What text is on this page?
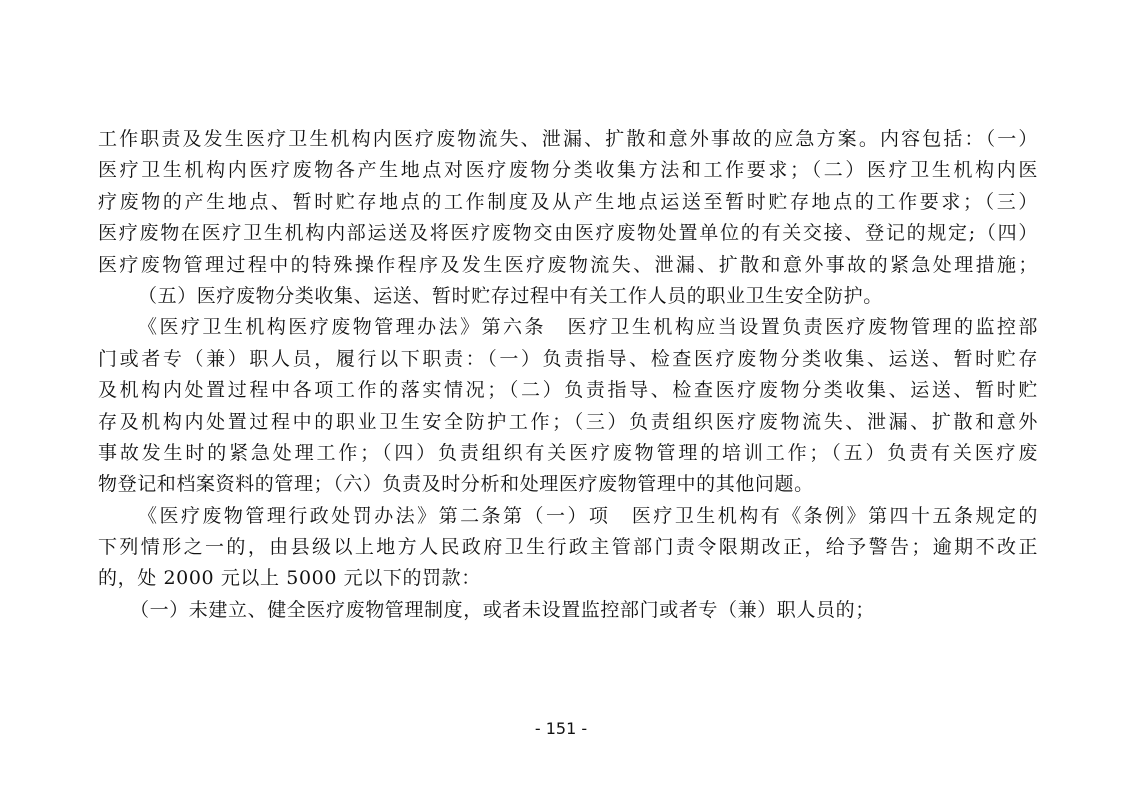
工作职责及发生医疗卫生机构内医疗废物流失、泄漏、扩散和意外事故的应急方案。内容包括：（一）
医疗卫生机构内医疗废物各产生地点对医疗废物分类收集方法和工作要求；（二）医疗卫生机构内医
疗废物的产生地点、暂时贮存地点的工作制度及从产生地点运送至暂时贮存地点的工作要求；（三）
医疗废物在医疗卫生机构内部运送及将医疗废物交由医疗废物处置单位的有关交接、登记的规定;（四）
医疗废物管理过程中的特殊操作程序及发生医疗废物流失、泄漏、扩散和意外事故的紧急处理措施；
（五）医疗废物分类收集、运送、暂时贮存过程中有关工作人员的职业卫生安全防护。
《医疗卫生机构医疗废物管理办法》第六条　医疗卫生机构应当设置负责医疗废物管理的监控部
门或者专（兼）职人员，履行以下职责：（一）负责指导、检查医疗废物分类收集、运送、暂时贮存
及机构内处置过程中各项工作的落实情况；（二）负责指导、检查医疗废物分类收集、运送、暂时贮
存及机构内处置过程中的职业卫生安全防护工作；（三）负责组织医疗废物流失、泄漏、扩散和意外
事故发生时的紧急处理工作；（四）负责组织有关医疗废物管理的培训工作；（五）负责有关医疗废
物登记和档案资料的管理；（六）负责及时分析和处理医疗废物管理中的其他问题。
《医疗废物管理行政处罚办法》第二条第（一）项　医疗卫生机构有《条例》第四十五条规定的
下列情形之一的，由县级以上地方人民政府卫生行政主管部门责令限期改正，给予警告；逾期不改正
的，处 2000 元以上 5000 元以下的罚款：
（一）未建立、健全医疗废物管理制度，或者未设置监控部门或者专（兼）职人员的；
- 151 -
